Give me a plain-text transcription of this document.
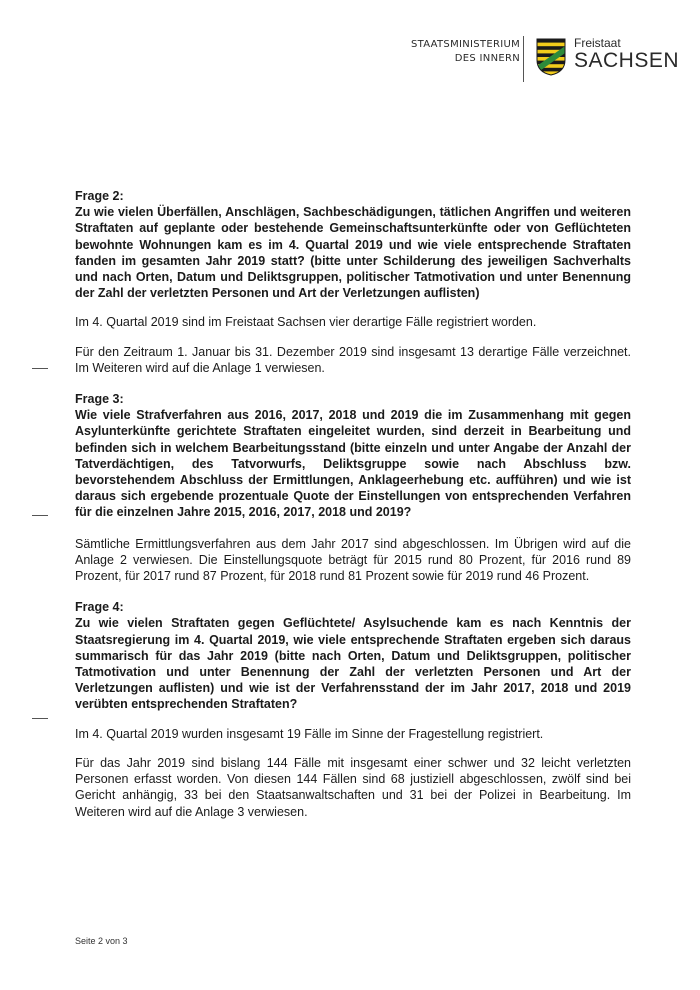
STAATSMINISTERIUM
DES INNERN
Freistaat
SACHSEN

Frage 2:

Zu wie vielen Überfällen, Anschlägen, Sachbeschädigungen, tätlichen Angriffen und weiteren Straftaten auf geplante oder bestehende Gemeinschaftsunterkünfte oder von Geflüchteten bewohnte Wohnungen kam es im 4. Quartal 2019 und wie viele entsprechende Straftaten fanden im gesamten Jahr 2019 statt? (bitte unter Schilderung des jeweiligen Sachverhalts und nach Orten, Datum und Deliktsgruppen, politischer Tatmotivation und unter Benennung der Zahl der verletzten Personen und Art der Verletzungen auflisten)

Im 4. Quartal 2019 sind im Freistaat Sachsen vier derartige Fälle registriert worden.

Für den Zeitraum 1. Januar bis 31. Dezember 2019 sind insgesamt 13 derartige Fälle verzeichnet. Im Weiteren wird auf die Anlage 1 verwiesen.

Frage 3:

Wie viele Strafverfahren aus 2016, 2017, 2018 und 2019 die im Zusammenhang mit gegen Asylunterkünfte gerichtete Straftaten eingeleitet wurden, sind derzeit in Bearbeitung und befinden sich in welchem Bearbeitungsstand (bitte einzeln und unter Angabe der Anzahl der Tatverdächtigen, des Tatvorwurfs, Deliktsgruppe sowie nach Abschluss bzw. bevorstehendem Abschluss der Ermittlungen, Anklageerhebung etc. aufführen) und wie ist daraus sich ergebende prozentuale Quote der Einstellungen von entsprechenden Verfahren für die einzelnen Jahre 2015, 2016, 2017, 2018 und 2019?

Sämtliche Ermittlungsverfahren aus dem Jahr 2017 sind abgeschlossen. Im Übrigen wird auf die Anlage 2 verwiesen. Die Einstellungsquote beträgt für 2015 rund 80 Prozent, für 2016 rund 89 Prozent, für 2017 rund 87 Prozent, für 2018 rund 81 Prozent sowie für 2019 rund 46 Prozent.

Frage 4:

Zu wie vielen Straftaten gegen Geflüchtete/ Asylsuchende kam es nach Kenntnis der Staatsregierung im 4. Quartal 2019, wie viele entsprechende Straftaten ergeben sich daraus summarisch für das Jahr 2019 (bitte nach Orten, Datum und Deliktsgruppen, politischer Tatmotivation und unter Benennung der Zahl der verletzten Personen und Art der Verletzungen auflisten) und wie ist der Verfahrensstand der im Jahr 2017, 2018 und 2019 verübten entsprechenden Straftaten?

Im 4. Quartal 2019 wurden insgesamt 19 Fälle im Sinne der Fragestellung registriert.

Für das Jahr 2019 sind bislang 144 Fälle mit insgesamt einer schwer und 32 leicht verletzten Personen erfasst worden. Von diesen 144 Fällen sind 68 justiziell abgeschlossen, zwölf sind bei Gericht anhängig, 33 bei den Staatsanwaltschaften und 31 bei der Polizei in Bearbeitung. Im Weiteren wird auf die Anlage 3 verwiesen.

Seite 2 von 3
